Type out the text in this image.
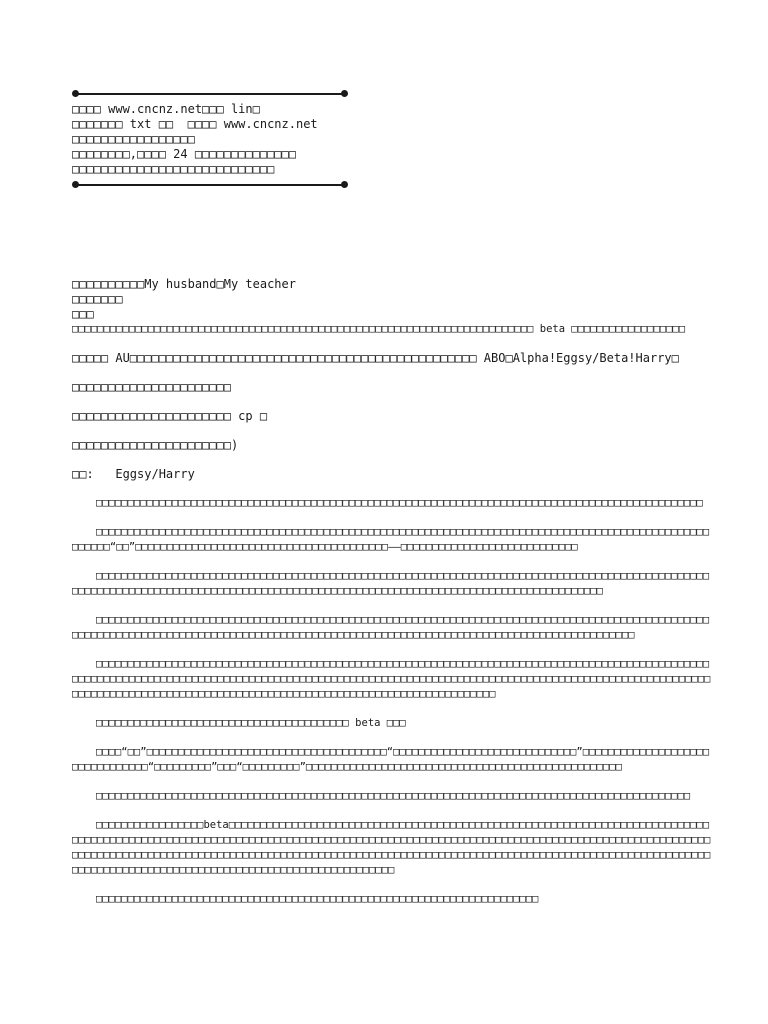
□□□□ www.cncnz.net□□□ lin□
□□□□□□□ txt □□  □□□□ www.cncnz.net
□□□□□□□□□□□□□□□□□
□□□□□□□□,□□□□ 24 □□□□□□□□□□□□□□
□□□□□□□□□□□□□□□□□□□□□□□□□□□□

□□□□□□□□□□My husband□My teacher

□□□□□□□

□□□

□□□□□□□□□□□□□□□□□□□□□□□□□□□□□□□□□□□□□□□□□□□□□□□□□□□□□□□□□□□□□□□□□□□□□□□□□ beta □□□□□□□□□□□□□□□□□□

□□□□□ AU□□□□□□□□□□□□□□□□□□□□□□□□□□□□□□□□□□□□□□□□□□□□□□□□ ABO□Alpha!Eggsy/Beta!Harry□

□□□□□□□□□□□□□□□□□□□□□□

□□□□□□□□□□□□□□□□□□□□□□ cp □

□□□□□□□□□□□□□□□□□□□□□□)

□□:   Eggsy/Harry

□□□□□□□□□□□□□□□□□□□□□□□□□□□□□□□□□□□□□□□□□□□□□□□□□□□□□□□□□□□□□□□□□□□□□□□□□□□□□□□□□□□□□□□□□□□□□□□□

□□□□□□□□□□□□□□□□□□□□□□□□□□□□□□□□□□□□□□□□□□□□□□□□□□□□□□□□□□□□□□□□□□□□□□□□□□□□□□□□□□□□□□□□□□□□□□□□□□□□□□□“□□”□□□□□□□□□□□□□□□□□□□□□□□□□□□□□□□□□□□□□□□□——□□□□□□□□□□□□□□□□□□□□□□□□□□□□

□□□□□□□□□□□□□□□□□□□□□□□□□□□□□□□□□□□□□□□□□□□□□□□□□□□□□□□□□□□□□□□□□□□□□□□□□□□□□□□□□□□□□□□□□□□□□□□□□□□□□□□□□□□□□□□□□□□□□□□□□□□□□□□□□□□□□□□□□□□□□□□□□□□□□□□□□□□□□□□□□□□□□□□□□□□□□□□□□□□□□

□□□□□□□□□□□□□□□□□□□□□□□□□□□□□□□□□□□□□□□□□□□□□□□□□□□□□□□□□□□□□□□□□□□□□□□□□□□□□□□□□□□□□□□□□□□□□□□□□□□□□□□□□□□□□□□□□□□□□□□□□□□□□□□□□□□□□□□□□□□□□□□□□□□□□□□□□□□□□□□□□□□□□□□□□□□□□□□□□□□□□□□□□□

□□□□□□□□□□□□□□□□□□□□□□□□□□□□□□□□□□□□□□□□□□□□□□□□□□□□□□□□□□□□□□□□□□□□□□□□□□□□□□□□□□□□□□□□□□□□□□□□□□□□□□□□□□□□□□□□□□□□□□□□□□□□□□□□□□□□□□□□□□□□□□□□□□□□□□□□□□□□□□□□□□□□□□□□□□□□□□□□□□□□□□□□□□□□□□□□□□□□□□□□□□□□□□□□□□□□□□□□□□□□□□□□□□□□□□□□□□□□□□□□□□□□□□□□□□□□□□□□□□□□□□□□□

□□□□□□□□□□□□□□□□□□□□□□□□□□□□□□□□□□□□□□□□ beta □□□

□□□□“□□”□□□□□□□□□□□□□□□□□□□□□□□□□□□□□□□□□□□□□□“□□□□□□□□□□□□□□□□□□□□□□□□□□□□□”□□□□□□□□□□□□□□□□□□□□□□□□□□□□□□□□“□□□□□□□□□”□□□“□□□□□□□□□”□□□□□□□□□□□□□□□□□□□□□□□□□□□□□□□□□□□□□□□□□□□□□□□□□□

□□□□□□□□□□□□□□□□□□□□□□□□□□□□□□□□□□□□□□□□□□□□□□□□□□□□□□□□□□□□□□□□□□□□□□□□□□□□□□□□□□□□□□□□□□□□□□

□□□□□□□□□□□□□□□□□beta□□□□□□□□□□□□□□□□□□□□□□□□□□□□□□□□□□□□□□□□□□□□□□□□□□□□□□□□□□□□□□□□□□□□□□□□□□□□□□□□□□□□□□□□□□□□□□□□□□□□□□□□□□□□□□□□□□□□□□□□□□□□□□□□□□□□□□□□□□□□□□□□□□□□□□□□□□□□□□□□□□□□□□□□□□□□□□□□□□□□□□□□□□□□□□□□□□□□□□□□□□□□□□□□□□□□□□□□□□□□□□□□□□□□□□□□□□□□□□□□□□□□□□□□□□□□□□□□□□□□□□□□□□□□□□□□□□□□□□□□□□□□□□□□□□□□□□□□□□□□□□□□□□□□□□□□□□□□□□□□□□□□□□□□□

□□□□□□□□□□□□□□□□□□□□□□□□□□□□□□□□□□□□□□□□□□□□□□□□□□□□□□□□□□□□□□□□□□□□□□
